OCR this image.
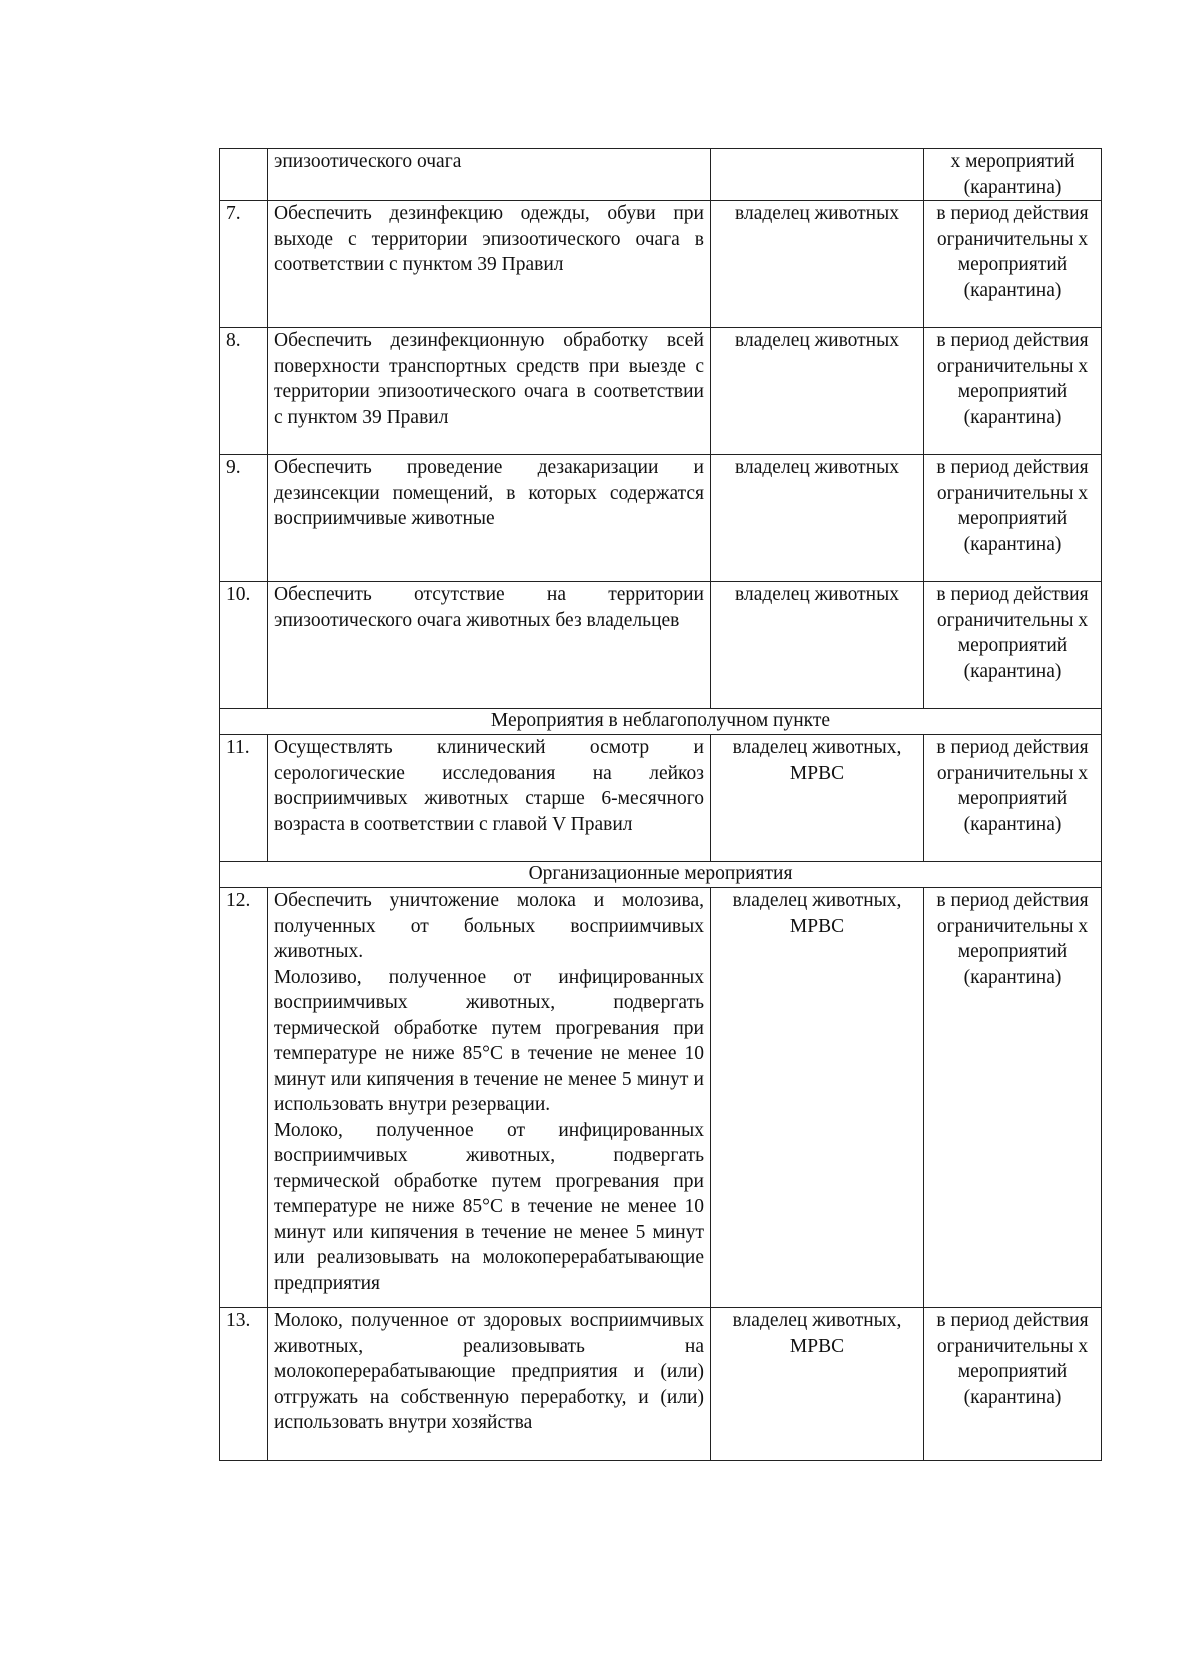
	эпизоотического очага		х мероприятий (карантина)
7.	Обеспечить дезинфекцию одежды, обуви при выходе с территории эпизоотического очага в соответствии с пунктом 39 Правил	владелец животных	в период действия ограничительны х мероприятий (карантина)
8.	Обеспечить дезинфекционную обработку всей поверхности транспортных средств при выезде с территории эпизоотического очага в соответствии с пунктом 39 Правил	владелец животных	в период действия ограничительны х мероприятий (карантина)
9.	Обеспечить проведение дезакаризации и дезинсекции помещений, в которых содержатся восприимчивые животные	владелец животных	в период действия ограничительны х мероприятий (карантина)
10.	Обеспечить отсутствие на территории эпизоотического очага животных без владельцев	владелец животных	в период действия ограничительны х мероприятий (карантина)
Мероприятия в неблагополучном пункте			
11.	Осуществлять клинический осмотр и серологические исследования на лейкоз восприимчивых животных старше 6-месячного возраста в соответствии с главой V Правил	владелец животных, МРВС	в период действия ограничительны х мероприятий (карантина)
Организационные мероприятия			
12.	Обеспечить уничтожение молока и молозива, полученных от больных восприимчивых животных.
Молозиво, полученное от инфицированных восприимчивых животных, подвергать термической обработке путем прогревания при температуре не ниже 85°С в течение не менее 10 минут или кипячения в течение не менее 5 минут и использовать внутри резервации.
Молоко, полученное от инфицированных восприимчивых животных, подвергать термической обработке путем прогревания при температуре не ниже 85°С в течение не менее 10 минут или кипячения в течение не менее 5 минут или реализовывать на молокоперерабатывающие предприятия	владелец животных, МРВС	в период действия ограничительны х мероприятий (карантина)
13.	Молоко, полученное от здоровых восприимчивых животных, реализовывать на молокоперерабатывающие предприятия и (или) отгружать на собственную переработку, и (или) использовать внутри хозяйства	владелец животных, МРВС	в период действия ограничительны х мероприятий (карантина)
